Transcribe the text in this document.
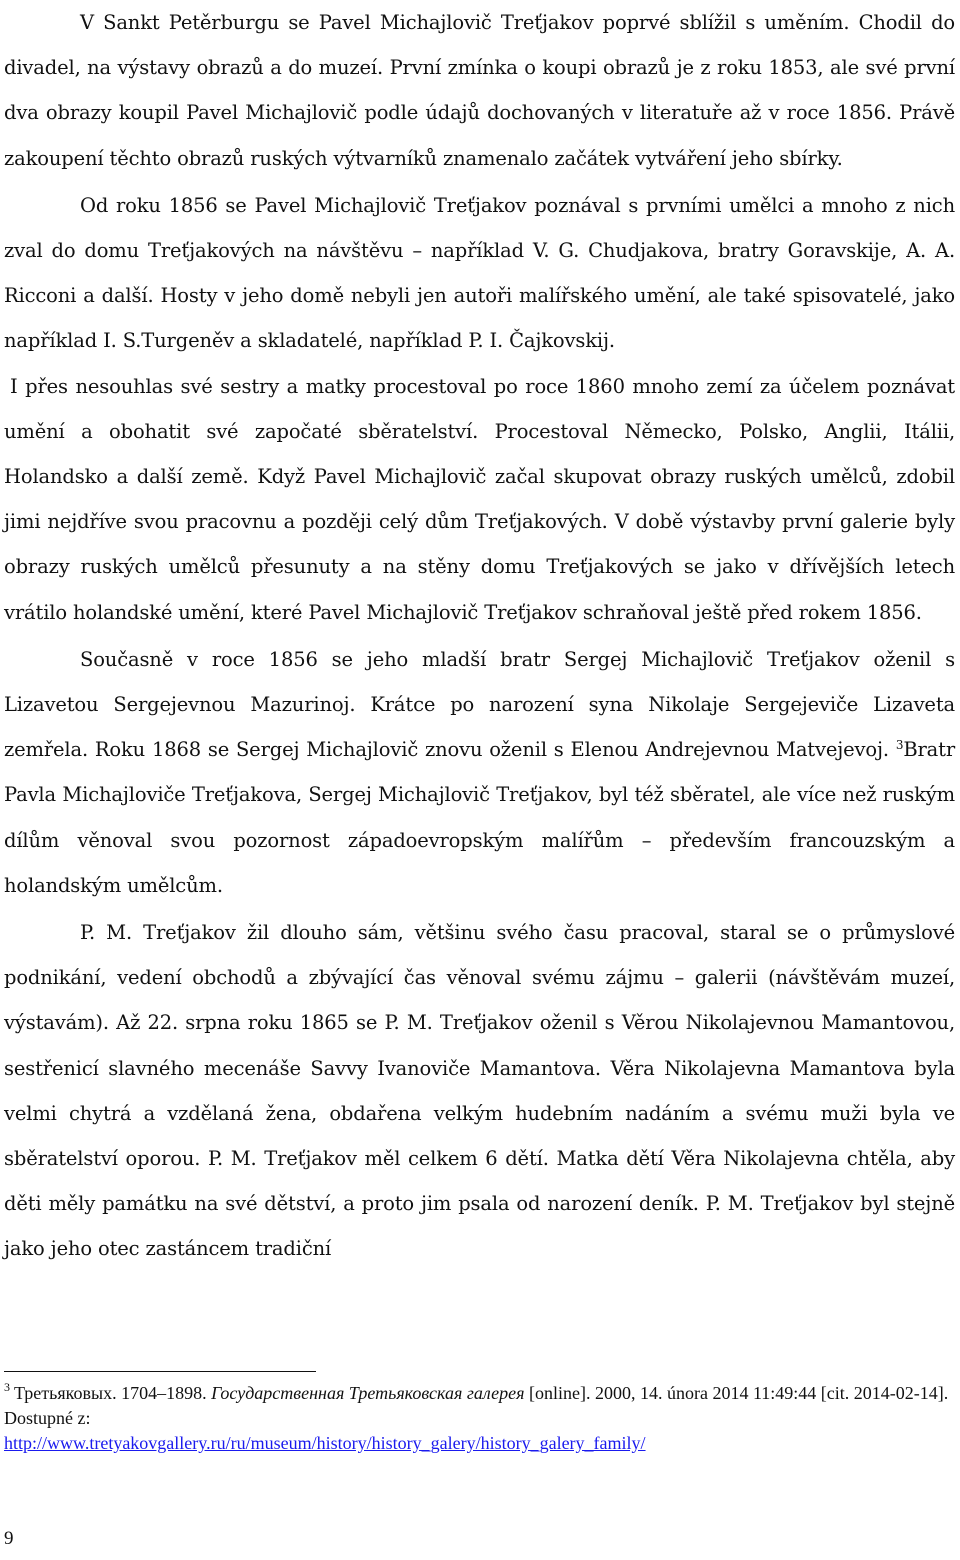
V Sankt Petěrburgu se Pavel Michajlovič Treťjakov poprvé sblížil s uměním. Chodil do divadel, na výstavy obrazů a do muzeí. První zmínka o koupi obrazů je z roku 1853, ale své první dva obrazy koupil Pavel Michajlovič podle údajů dochovaných v literatuře až v roce 1856. Právě zakoupení těchto obrazů ruských výtvarníků znamenalo začátek vytváření jeho sbírky.

Od roku 1856 se Pavel Michajlovič Treťjakov poznával s prvními umělci a mnoho z nich zval do domu Treťjakových na návštěvu – například V. G. Chudjakova, bratry Goravskije, A. A. Ricconi a další. Hosty v jeho domě nebyli jen autoři malířského umění, ale také spisovatelé, jako například I. S.Turgeněv a skladatelé, například P. I. Čajkovskij.

I přes nesouhlas své sestry a matky procestoval po roce 1860 mnoho zemí za účelem poznávat umění a obohatit své započaté sběratelství. Procestoval Německo, Polsko, Anglii, Itálii, Holandsko a další země. Když Pavel Michajlovič začal skupovat obrazy ruských umělců, zdobil jimi nejdříve svou pracovnu a později celý dům Treťjakových. V době výstavby první galerie byly obrazy ruských umělců přesunuty a na stěny domu Treťjakových se jako v dřívějších letech vrátilo holandské umění, které Pavel Michajlovič Treťjakov schraňoval ještě před rokem 1856.

Současně v roce 1856 se jeho mladší bratr Sergej Michajlovič Treťjakov oženil s Lizavetou Sergejevnou Mazurinoj. Krátce po narození syna Nikolaje Sergejeviče Lizaveta zemřela. Roku 1868 se Sergej Michajlovič znovu oženil s Elenou Andrejevnou Matvejevoj. $^3$Bratr Pavla Michajloviče Treťjakova, Sergej Michajlovič Treťjakov, byl též sběratel, ale více než ruským dílům věnoval svou pozornost západoevropským malířům – především francouzským a holandským umělcům.

P. M. Treťjakov žil dlouho sám, většinu svého času pracoval, staral se o průmyslové podnikání, vedení obchodů a zbývající čas věnoval svému zájmu – galerii (návštěvám muzeí, výstavám). Až 22. srpna roku 1865 se P. M. Treťjakov oženil s Věrou Nikolajevnou Mamantovou, sestřenicí slavného mecenáše Savvy Ivanoviče Mamantova. Věra Nikolajevna Mamantova byla velmi chytrá a vzdělaná žena, obdařena velkým hudebním nadáním a svému muži byla ve sběratelství oporou. P. M. Treťjakov měl celkem 6 dětí. Matka dětí Věra Nikolajevna chtěla, aby děti měly památku na své dětství, a proto jim psala od narození deník. P. M. Treťjakov byl stejně jako jeho otec zastáncem tradiční

$^3$ Третьяковых. 1704–1898. Государственная Третьяковская галерея [online]. 2000, 14. února 2014 11:49:44 [cit. 2014-02-14]. Dostupné z:
http://www.tretyakovgallery.ru/ru/museum/history/history_galery/history_galery_family/
9
